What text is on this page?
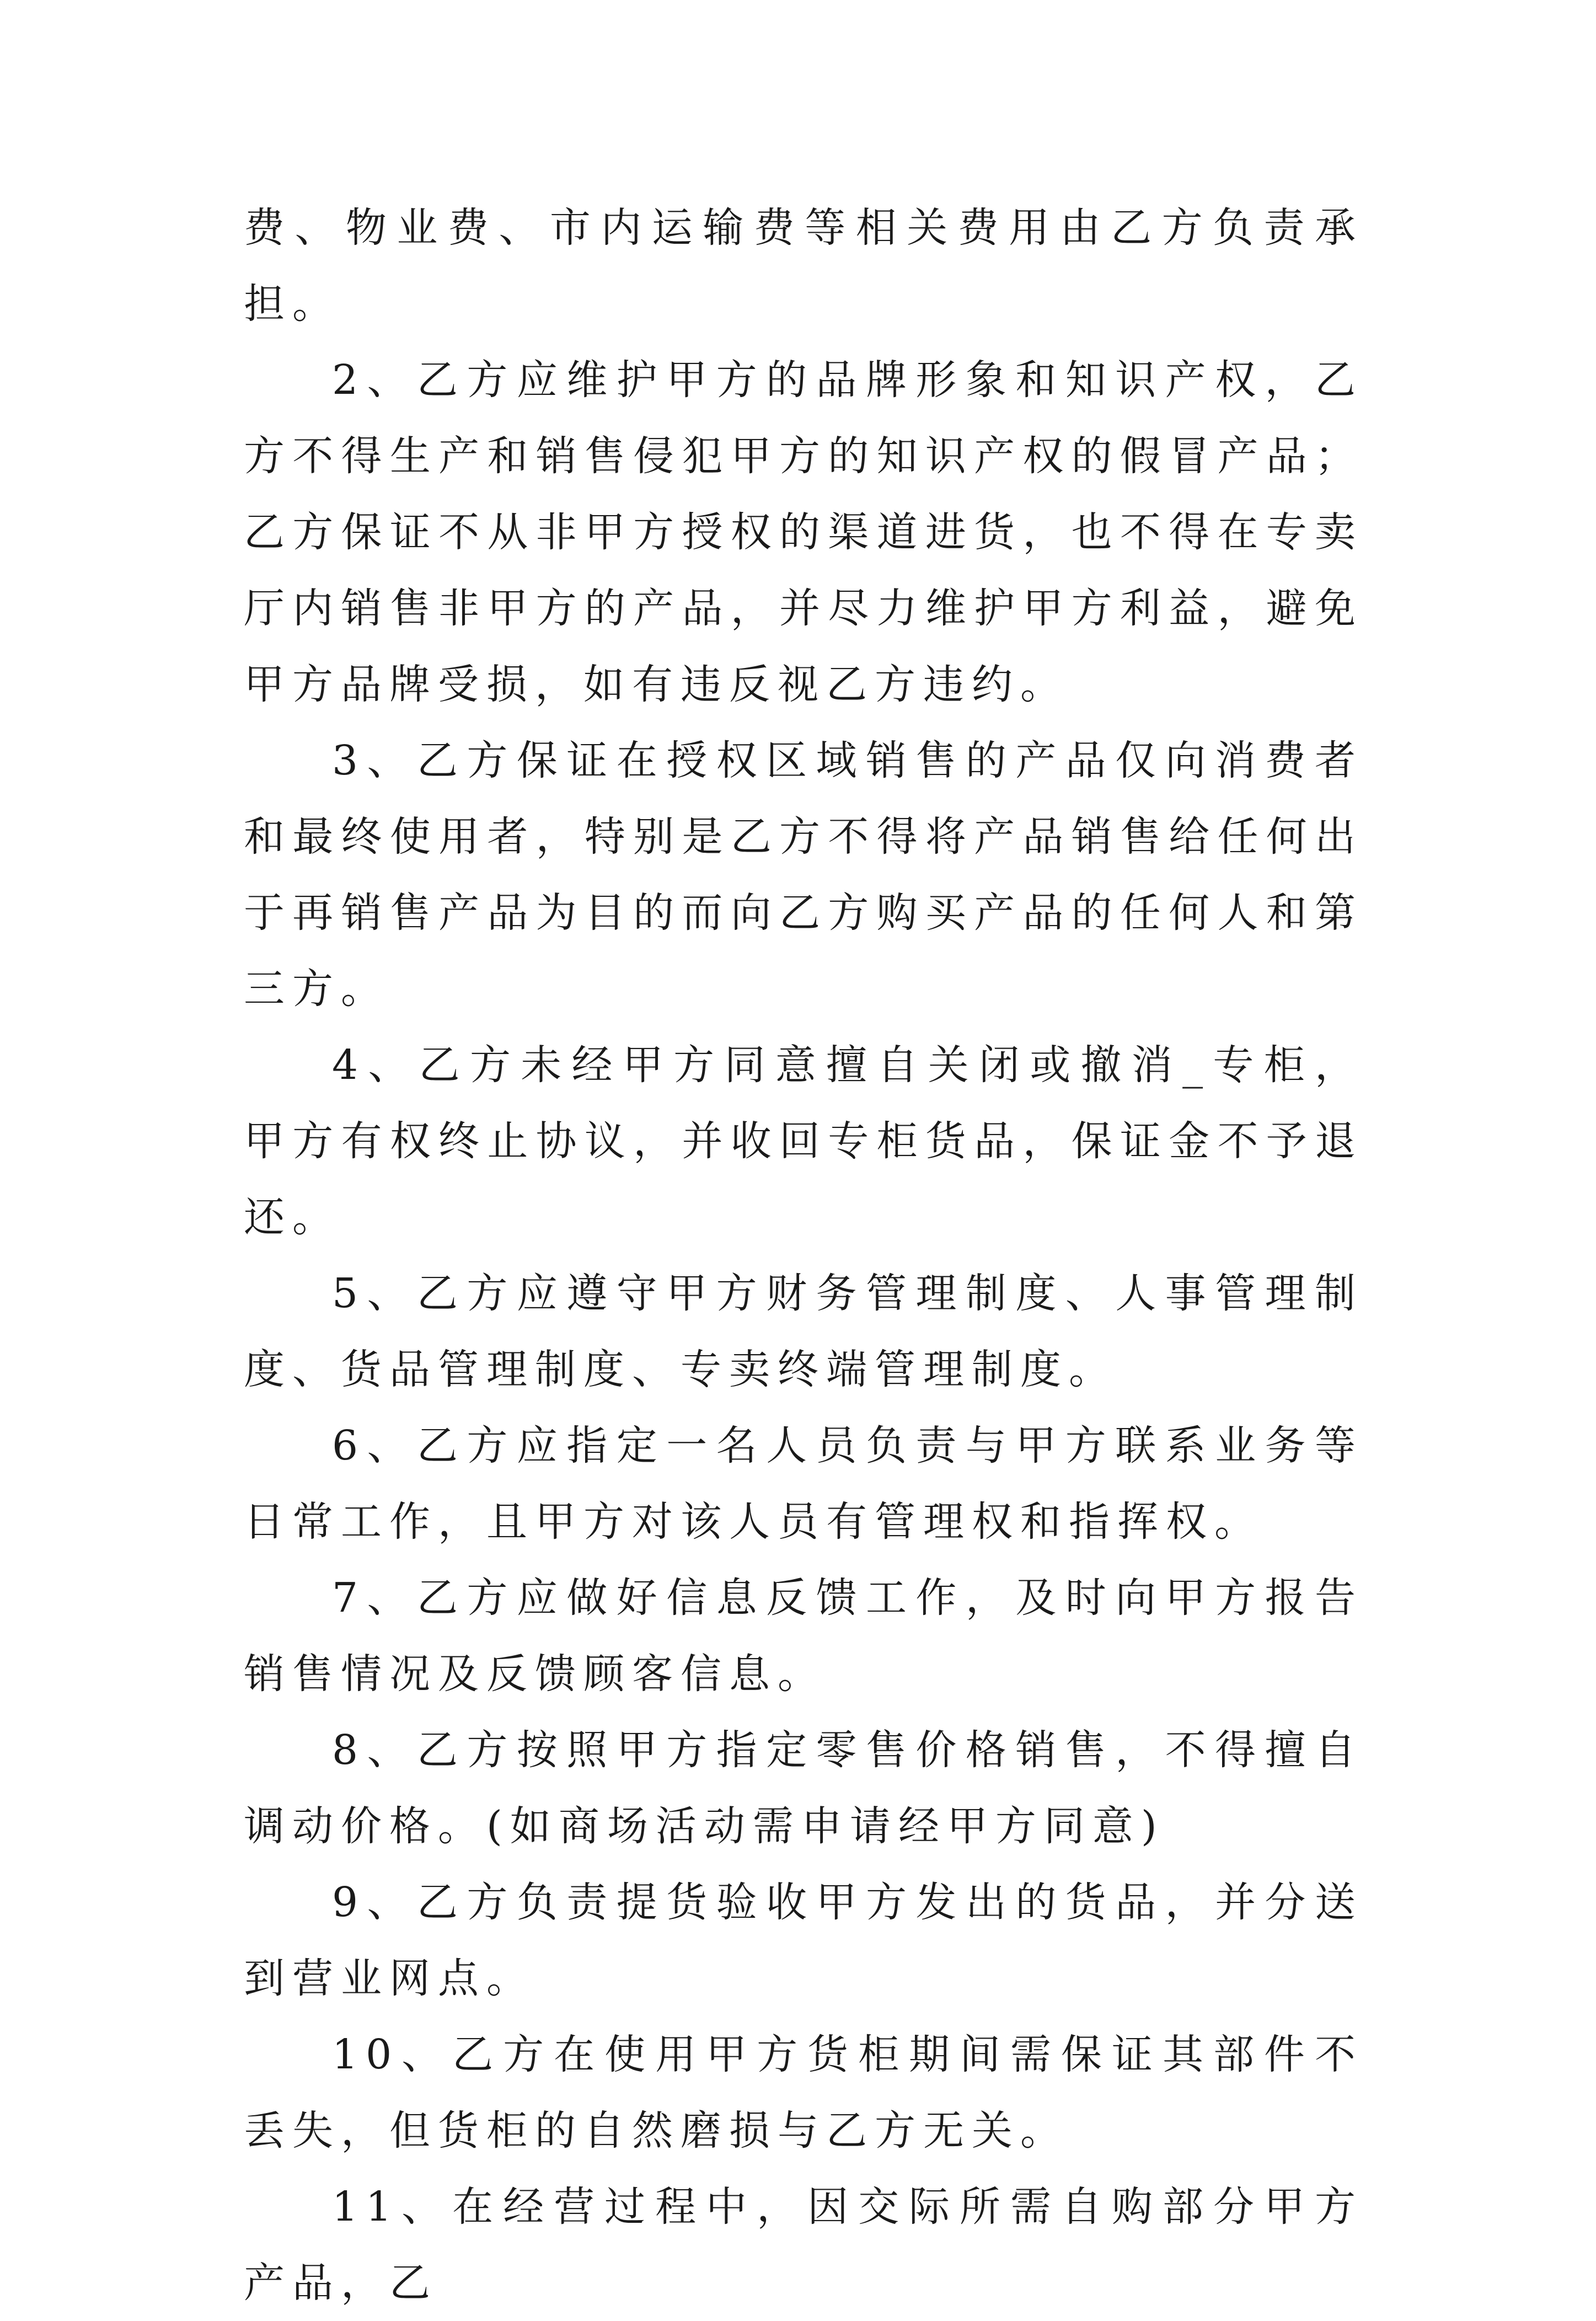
费、物业费、市内运输费等相关费用由乙方负责承担。

2、乙方应维护甲方的品牌形象和知识产权，乙方不得生产和销售侵犯甲方的知识产权的假冒产品；乙方保证不从非甲方授权的渠道进货，也不得在专卖厅内销售非甲方的产品，并尽力维护甲方利益，避免甲方品牌受损，如有违反视乙方违约。

3、乙方保证在授权区域销售的产品仅向消费者和最终使用者，特别是乙方不得将产品销售给任何出于再销售产品为目的而向乙方购买产品的任何人和第三方。

4、乙方未经甲方同意擅自关闭或撤消_专柜，甲方有权终止协议，并收回专柜货品，保证金不予退还。

5、乙方应遵守甲方财务管理制度、人事管理制度、货品管理制度、专卖终端管理制度。

6、乙方应指定一名人员负责与甲方联系业务等日常工作，且甲方对该人员有管理权和指挥权。

7、乙方应做好信息反馈工作，及时向甲方报告销售情况及反馈顾客信息。

8、乙方按照甲方指定零售价格销售，不得擅自调动价格。(如商场活动需申请经甲方同意)

9、乙方负责提货验收甲方发出的货品，并分送到营业网点。

10、乙方在使用甲方货柜期间需保证其部件不丢失，但货柜的自然磨损与乙方无关。

11、在经营过程中，因交际所需自购部分甲方产品，乙
